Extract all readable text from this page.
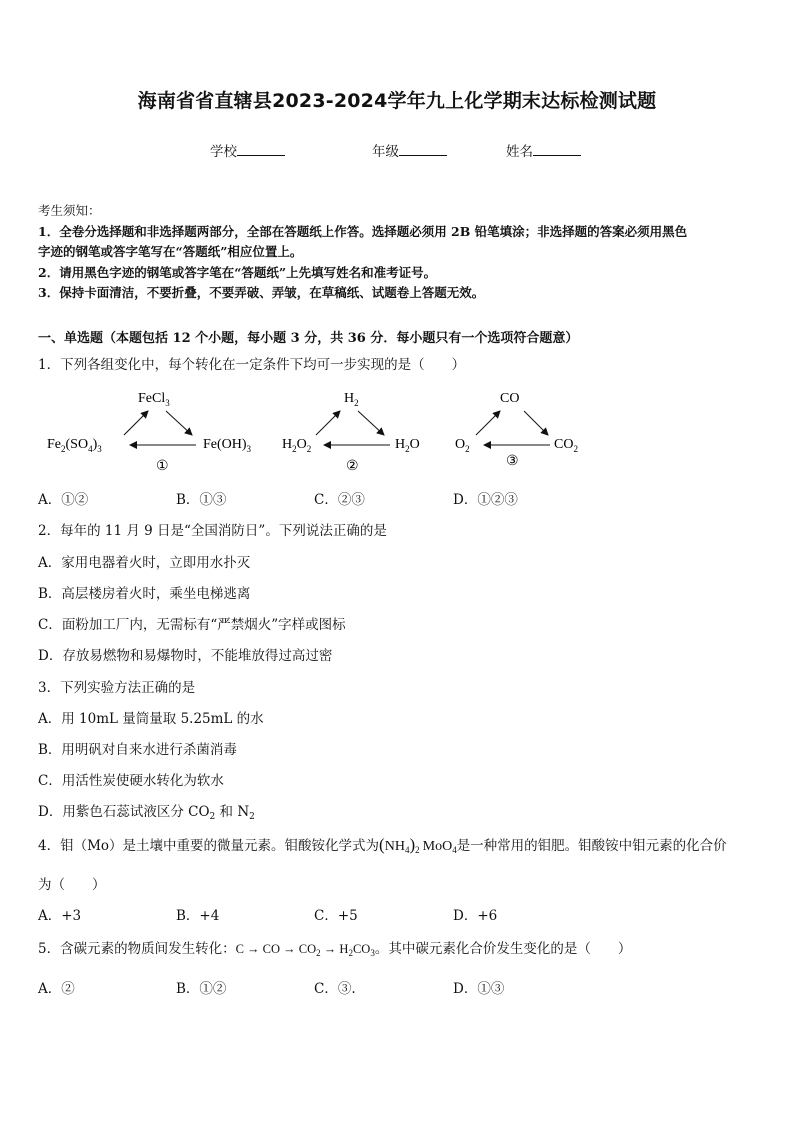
海南省省直辖县2023-2024学年九上化学期末达标检测试题
学校	年级	姓名
考生须知：
1．全卷分选择题和非选择题两部分，全部在答题纸上作答。选择题必须用 2B 铅笔填涂；非选择题的答案必须用黑色
字迹的钢笔或答字笔写在“答题纸”相应位置上。
2．请用黑色字迹的钢笔或答字笔在“答题纸”上先填写姓名和准考证号。
3．保持卡面清洁，不要折叠，不要弄破、弄皱，在草稿纸、试题卷上答题无效。
一、单选题（本题包括 12 个小题，每小题 3 分，共 36 分．每小题只有一个选项符合题意）
1．下列各组变化中，每个转化在一定条件下均可一步实现的是（　　）
FeCl$_3$
$Fe_2(SO_4)_3$	$Fe(OH)_3$
①
$H_2$
$H_2O_2$	$H_2O$
②
CO
$O_2$	$CO_2$
③
A．①②	B．①③	C．②③	D．①②③
2．每年的 11 月 9 日是“全国消防日”。下列说法正确的是
A．家用电器着火时，立即用水扑灭
B．高层楼房着火时，乘坐电梯逃离
C．面粉加工厂内，无需标有“严禁烟火”字样或图标
D．存放易燃物和易爆物时，不能堆放得过高过密
3．下列实验方法正确的是
A．用 10mL 量筒量取 5.25mL 的水
B．用明矾对自来水进行杀菌消毒
C．用活性炭使硬水转化为软水
D．用紫色石蕊试液区分 $CO_2$ 和 $N_2$
4．钼（Mo）是土壤中重要的微量元素。钼酸铵化学式为$(NH_4)_2$ MoO$_4$是一种常用的钼肥。钼酸铵中钼元素的化合价
为（　　）
A．+3	B．+4	C．+5	D．+6
5．含碳元素的物质间发生转化：C → CO → $CO_2 \to H_2CO_3$。其中碳元素化合价发生变化的是（　　）
A．②	B．①②	C．③.	D．①③
